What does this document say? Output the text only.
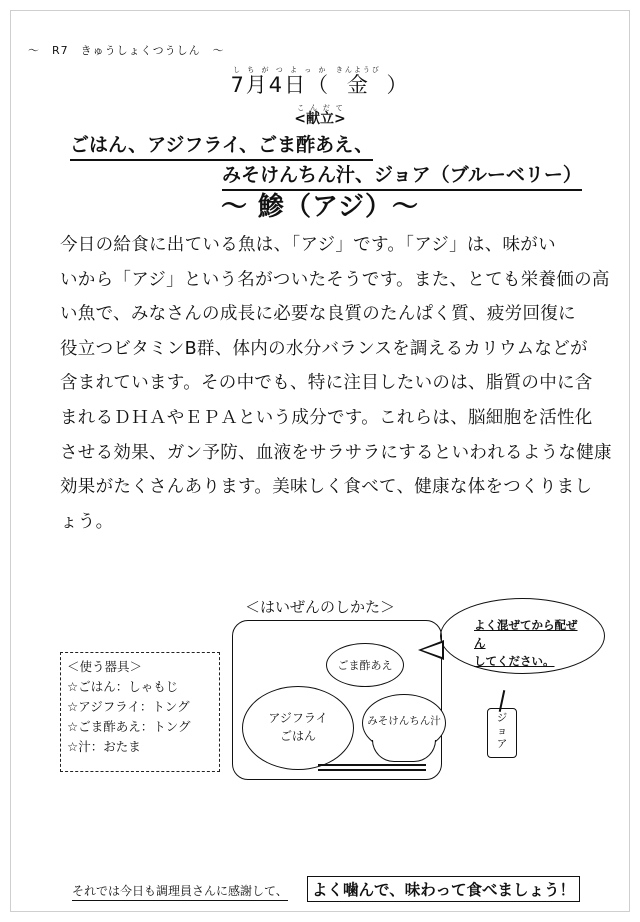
～　R7　きゅうしょくつうしん　～
7月4日（しちがつよっか 金きんようび ）
<献立>こんだて
ごはん、アジフライ、ごま酢あえ、
みそけんちん汁、ジョア（ブルーベリー）
～ 鯵（アジ）～

今日の給食に出ている魚は、「アジ」です。「アジ」は、味がい

いから「アジ」という名がついたそうです。また、とても栄養価の高

い魚で、みなさんの成長に必要な良質のたんぱく質、疲労回復に

役立つビタミンB群、体内の水分バランスを調えるカリウムなどが

含まれています。その中でも、特に注目したいのは、脂質の中に含

まれるＤＨＡやＥＰＡという成分です。これらは、脳細胞を活性化

させる効果、ガン予防、血液をサラサラにするといわれるような健康

効果がたくさんあります。美味しく食べて、健康な体をつくりまし

ょう。

＜はいぜんのしかた＞
＜使う器具＞
☆ごはん：しゃもじ
☆アジフライ：トング
☆ごま酢あえ：トング
☆汁：おたま
ごま酢あえ
アジフライ
ごはん
みそけんちん汁
よく混ぜてから配ぜん
してください。
ジョア
それでは今日も調理員さんに感謝して、	よく噛んで、味わって食べましょう！
